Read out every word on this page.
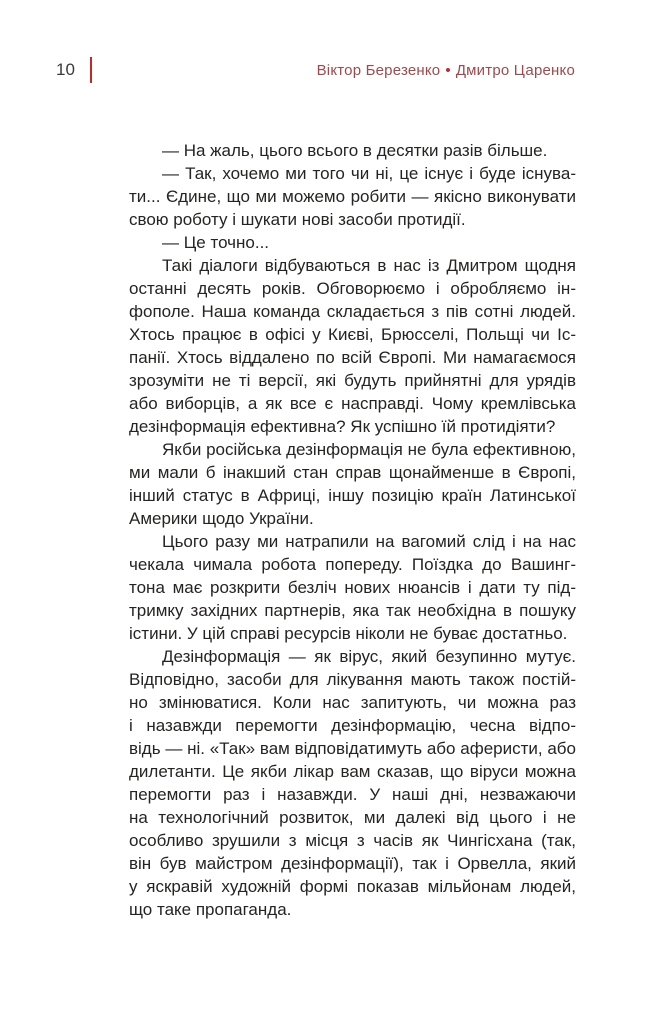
10	Віктор Березенко • Дмитро Царенко

— На жаль, цього всього в десятки разів більше.

— Так, хочемо ми того чи ні, це існує і буде існува-
ти... Єдине, що ми можемо робити — якісно виконувати
свою роботу і шукати нові засоби протидії.

— Це точно...

Такі діалоги відбуваються в нас із Дмитром щодня
останні десять років. Обговорюємо і обробляємо ін-
фополе. Наша команда складається з пів сотні людей.
Хтось працює в офісі у Києві, Брюсселі, Польщі чи Іс-
панії. Хтось віддалено по всій Європі. Ми намагаємося
зрозуміти не ті версії, які будуть прийнятні для урядів
або виборців, а як все є насправді. Чому кремлівська
дезінформація ефективна? Як успішно їй протидіяти?

Якби російська дезінформація не була ефективною,
ми мали б інакший стан справ щонайменше в Європі,
інший статус в Африці, іншу позицію країн Латинської
Америки щодо України.

Цього разу ми натрапили на вагомий слід і на нас
чекала чимала робота попереду. Поїздка до Вашинг-
тона має розкрити безліч нових нюансів і дати ту під-
тримку західних партнерів, яка так необхідна в пошуку
істини. У цій справі ресурсів ніколи не буває достатньо.

Дезінформація — як вірус, який безупинно мутує.
Відповідно, засоби для лікування мають також постій-
но змінюватися. Коли нас запитують, чи можна раз
і назавжди перемогти дезінформацію, чесна відпо-
відь — ні. «Так» вам відповідатимуть або аферисти, або
дилетанти. Це якби лікар вам сказав, що віруси можна
перемогти раз і назавжди. У наші дні, незважаючи
на технологічний розвиток, ми далекі від цього і не
особливо зрушили з місця з часів як Чингісхана (так,
він був майстром дезінформації), так і Орвелла, який
у яскравій художній формі показав мільйонам людей,
що таке пропаганда.
